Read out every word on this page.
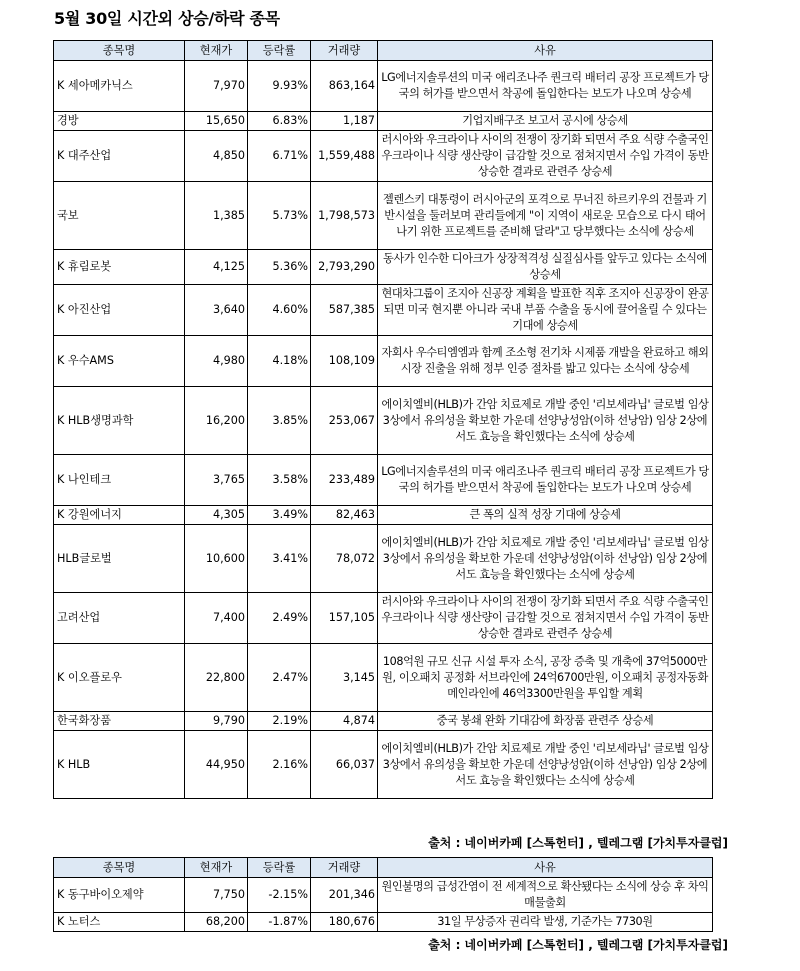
5월 30일 시간외 상승/하락 종목
종목명	현재가	등락률	거래량	사유
K 세아메카닉스	7,970	9.93%	863,164	LG에너지솔루션의 미국 애리조나주 퀀크릭 배터리 공장 프로젝트가 당국의 허가를 받으면서 착공에 돌입한다는 보도가 나오며 상승세
경방	15,650	6.83%	1,187	기업지배구조 보고서 공시에 상승세
K 대주산업	4,850	6.71%	1,559,488	러시아와 우크라이나 사이의 전쟁이 장기화 되면서 주요 식량 수출국인 우크라이나 식량 생산량이 급감할 것으로 점쳐지면서 수입 가격이 동반 상승한 결과로 관련주 상승세
국보	1,385	5.73%	1,798,573	젤렌스키 대통령이 러시아군의 포격으로 무너진 하르키우의 건물과 기반시설을 둘러보며 관리들에게 "이 지역이 새로운 모습으로 다시 태어나기 위한 프로젝트를 준비해 달라"고 당부했다는 소식에 상승세
K 휴림로봇	4,125	5.36%	2,793,290	동사가 인수한 디아크가 상장적격성 실질심사를 앞두고 있다는 소식에 상승세
K 아진산업	3,640	4.60%	587,385	현대차그룹이 조지아 신공장 계획을 발표한 직후 조지아 신공장이 완공되면 미국 현지뿐 아니라 국내 부품 수출을 동시에 끌어올릴 수 있다는 기대에 상승세
K 우수AMS	4,980	4.18%	108,109	자회사 우수티엠엠과 함께 조소형 전기차 시제품 개발을 완료하고 해외시장 진출을 위해 정부 인증 절차를 밟고 있다는 소식에 상승세
K HLB생명과학	16,200	3.85%	253,067	에이치엘비(HLB)가 간암 치료제로 개발 중인 '리보세라닙' 글로벌 임상 3상에서 유의성을 확보한 가운데 선양낭성암(이하 선낭암) 임상 2상에서도 효능을 확인했다는 소식에 상승세
K 나인테크	3,765	3.58%	233,489	LG에너지솔루션의 미국 애리조나주 퀀크릭 배터리 공장 프로젝트가 당국의 허가를 받으면서 착공에 돌입한다는 보도가 나오며 상승세
K 강원에너지	4,305	3.49%	82,463	큰 폭의 실적 성장 기대에 상승세
HLB글로벌	10,600	3.41%	78,072	에이치엘비(HLB)가 간암 치료제로 개발 중인 '리보세라닙' 글로벌 임상 3상에서 유의성을 확보한 가운데 선양낭성암(이하 선낭암) 임상 2상에서도 효능을 확인했다는 소식에 상승세
고려산업	7,400	2.49%	157,105	러시아와 우크라이나 사이의 전쟁이 장기화 되면서 주요 식량 수출국인 우크라이나 식량 생산량이 급감할 것으로 점쳐지면서 수입 가격이 동반 상승한 결과로 관련주 상승세
K 이오플로우	22,800	2.47%	3,145	108억원 규모 신규 시설 투자 소식, 공장 증축 및 개축에 37억5000만원, 이오패치 공정화 서브라인에 24억6700만원, 이오패치 공정자동화 메인라인에 46억3300만원을 투입할 계획
한국화장품	9,790	2.19%	4,874	중국 봉쇄 완화 기대감에 화장품 관련주 상승세
K HLB	44,950	2.16%	66,037	에이치엘비(HLB)가 간암 치료제로 개발 중인 '리보세라닙' 글로벌 임상 3상에서 유의성을 확보한 가운데 선양낭성암(이하 선낭암) 임상 2상에서도 효능을 확인했다는 소식에 상승세
출처 : 네이버카페 [스톡헌터] , 텔레그램 [가치투자클럽]
종목명	현재가	등락률	거래량	사유
K 동구바이오제약	7,750	-2.15%	201,346	원인불명의 급성간염이 전 세계적으로 확산됐다는 소식에 상승 후 차익매물출회
K 노터스	68,200	-1.87%	180,676	31일 무상증자 권리락 발생, 기준가는 7730원
출처 : 네이버카페 [스톡헌터] , 텔레그램 [가치투자클럽]
